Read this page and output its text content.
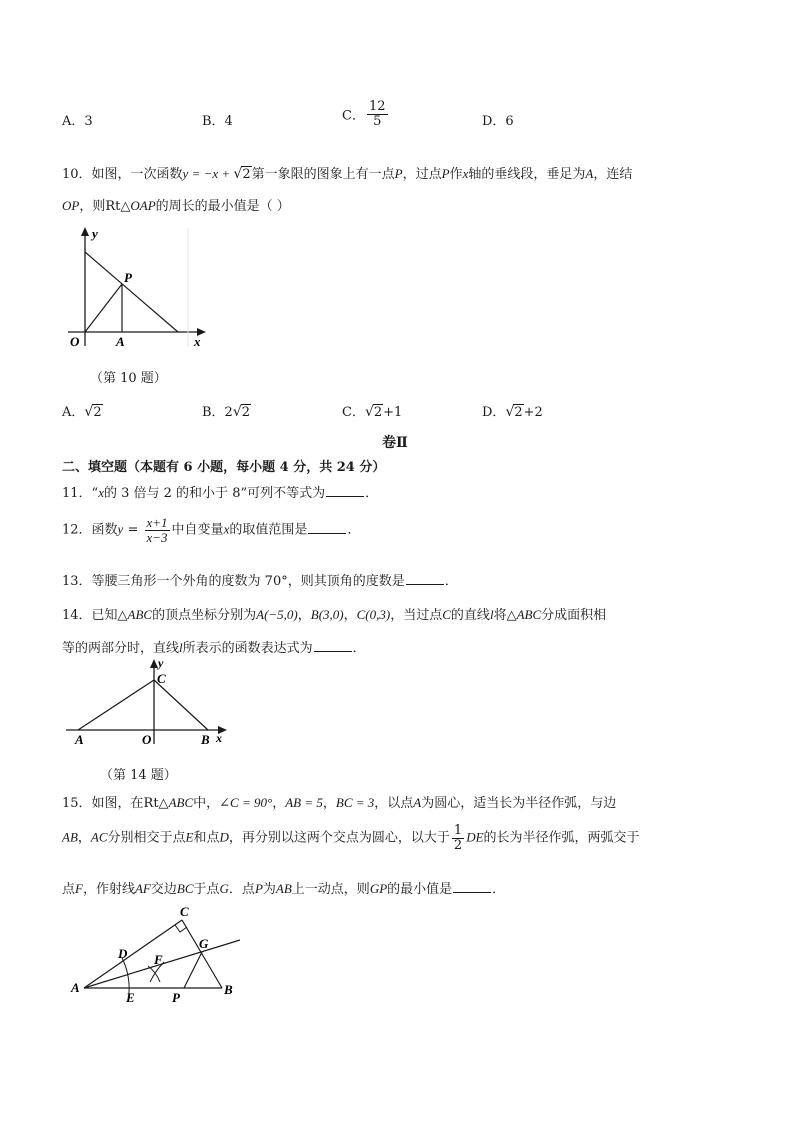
A．3	B．4	C． $\frac{12}{5}$	D．6
10．如图，一次函数y = −x + √2第一象限的图象上有一点P，过点P作x轴的垂线段，垂足为A，连结
OP，则Rt△OAP的周长的最小值是（ ）
y
P
O	A	x
（第 10 题）
A．√2	B．2√2	C．√2+1	D．√2+2
卷Ⅱ
二、填空题（本题有 6 小题，每小题 4 分，共 24 分）
11．“x的 3 倍与 2 的和小于 8”可列不等式为	．
12．函数$y = \frac{x+1}{x-3}$ 中自变量x的取值范围是	．
13．等腰三角形一个外角的度数为 70°，则其顶角的度数是	．
14．已知△ABC的顶点坐标分别为A(−5,0)，B(3,0)，C(0,3)，当过点C的直线l将△ABC分成面积相
等的两部分时，直线l所表示的函数表达式为	．
y
C
A	O	B x
（第 14 题）
15．如图，在Rt△ABC中，∠C = 90°，AB = 5，BC = 3，以点A为圆心，适当长为半径作弧，与边
AB，AC分别相交于点E和点D，再分别以这两个交点为圆心，以大于 $\frac{1}{2}$ DE的长为半径作弧，两弧交于
点F，作射线AF交边BC于点G．点P为AB上一动点，则GP的最小值是	．
C
D
G
F
A
E	P
B
